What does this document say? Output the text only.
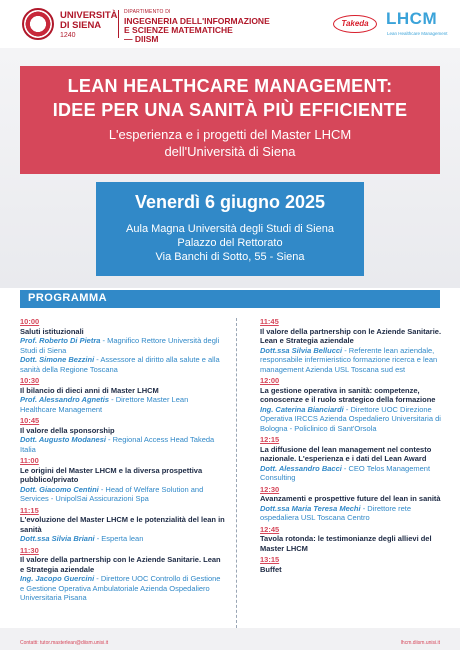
UNIVERSITÀ
DI SIENA
1240
DIPARTIMENTO DI
INGEGNERIA DELL'INFORMAZIONE
E SCIENZE MATEMATICHE
— DIISM
Takeda	LHCM
Lean Healthcare Management
LEAN HEALTHCARE MANAGEMENT:
IDEE PER UNA SANITÀ PIÙ EFFICIENTE
L'esperienza e i progetti del Master LHCM
dell'Università di Siena
Venerdì 6 giugno 2025
Aula Magna Università degli Studi di Siena
Palazzo del Rettorato
Via Banchi di Sotto, 55 - Siena
PROGRAMMA
10:00
Saluti istituzionali
Prof. Roberto Di Pietra - Magnifico Rettore Università degli Studi di Siena
Dott. Simone Bezzini - Assessore al diritto alla salute e alla sanità della Regione Toscana
10:30
Il bilancio di dieci anni di Master LHCM
Prof. Alessandro Agnetis - Direttore Master Lean Healthcare Management
10:45
Il valore della sponsorship
Dott. Augusto Modanesi - Regional Access Head Takeda Italia
11:00
Le origini del Master LHCM e la diversa prospettiva pubblico/privato
Dott. Giacomo Centini - Head of Welfare Solution and Services - UnipolSai Assicurazioni Spa
11:15
L'evoluzione del Master LHCM e le potenzialità del lean in sanità
Dott.ssa Silvia Briani - Esperta lean
11:30
Il valore della partnership con le Aziende Sanitarie. Lean e Strategia aziendale
Ing. Jacopo Guercini - Direttore UOC Controllo di Gestione e Gestione Operativa Ambulatoriale Azienda Ospedaliero Universitaria Pisana
11:45
Il valore della partnership con le Aziende Sanitarie. Lean e Strategia aziendale
Dott.ssa Silvia Bellucci - Referente lean aziendale, responsabile infermieristico formazione ricerca e lean management Azienda USL Toscana sud est
12:00
La gestione operativa in sanità: competenze, conoscenze e il ruolo strategico della formazione
Ing. Caterina Bianciardi - Direttore UOC Direzione Operativa IRCCS Azienda Ospedaliero Universitaria di Bologna - Policlinico di Sant'Orsola
12:15
La diffusione del lean management nel contesto nazionale. L'esperienza e i dati del Lean Award
Dott. Alessandro Bacci - CEO Telos Management Consulting
12:30
Avanzamenti e prospettive future del lean in sanità
Dott.ssa Maria Teresa Mechi - Direttore rete ospedaliera USL Toscana Centro
12:45
Tavola rotonda: le testimonianze degli allievi del Master LHCM
13:15
Buffet
Contatti: tutor.masterlean@diism.unisi.it	lhcm.diism.unisi.it
